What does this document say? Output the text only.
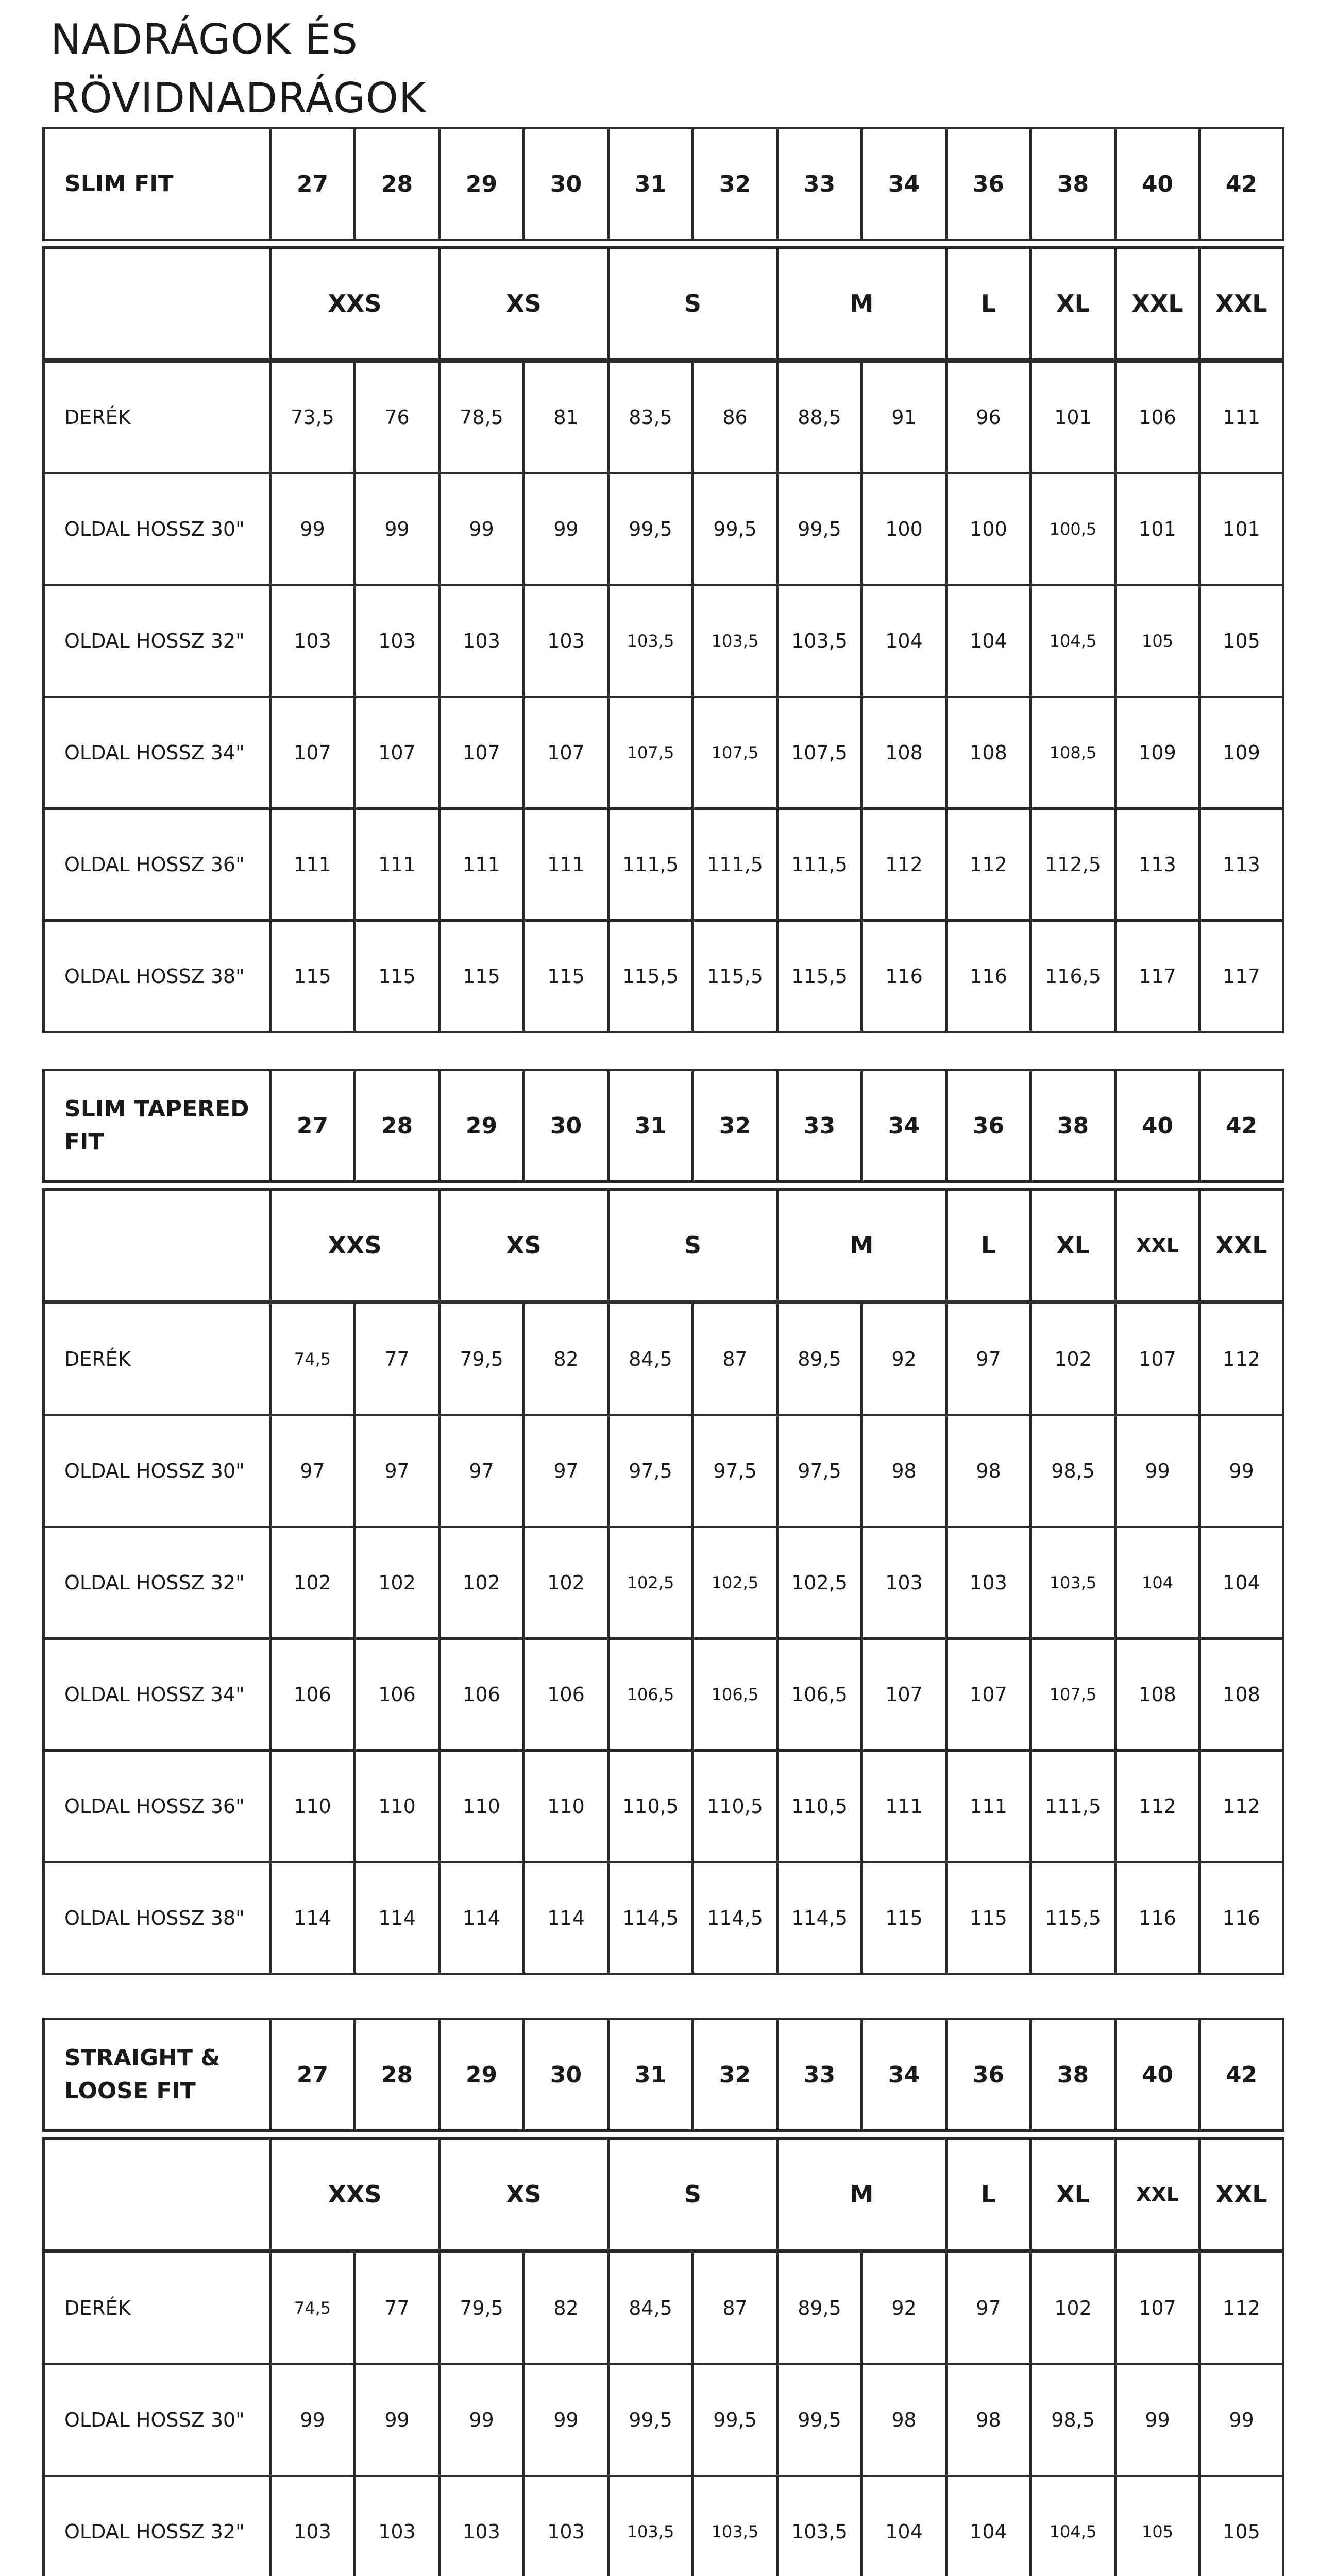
NADRÁGOK ÉS
RÖVIDNADRÁGOK
SLIM FIT	27	28	29	30	31	32	33	34	36	38	40	42

	XXS		XS		S		M		L	XL	XXL	XXL
DERÉK	73,5	76	78,5	81	83,5	86	88,5	91	96	101	106	111
OLDAL HOSSZ 30"	99	99	99	99	99,5	99,5	99,5	100	100	100,5	101	101
OLDAL HOSSZ 32"	103	103	103	103	103,5	103,5	103,5	104	104	104,5	105	105
OLDAL HOSSZ 34"	107	107	107	107	107,5	107,5	107,5	108	108	108,5	109	109
OLDAL HOSSZ 36"	111	111	111	111	111,5	111,5	111,5	112	112	112,5	113	113
OLDAL HOSSZ 38"	115	115	115	115	115,5	115,5	115,5	116	116	116,5	117	117
SLIM TAPERED FIT	27	28	29	30	31	32	33	34	36	38	40	42

	XXS		XS		S		M		L	XL	XXL	XXL
DERÉK	74,5	77	79,5	82	84,5	87	89,5	92	97	102	107	112
OLDAL HOSSZ 30"	97	97	97	97	97,5	97,5	97,5	98	98	98,5	99	99
OLDAL HOSSZ 32"	102	102	102	102	102,5	102,5	102,5	103	103	103,5	104	104
OLDAL HOSSZ 34"	106	106	106	106	106,5	106,5	106,5	107	107	107,5	108	108
OLDAL HOSSZ 36"	110	110	110	110	110,5	110,5	110,5	111	111	111,5	112	112
OLDAL HOSSZ 38"	114	114	114	114	114,5	114,5	114,5	115	115	115,5	116	116
STRAIGHT & LOOSE FIT	27	28	29	30	31	32	33	34	36	38	40	42

	XXS		XS		S		M		L	XL	XXL	XXL
DERÉK	74,5	77	79,5	82	84,5	87	89,5	92	97	102	107	112
OLDAL HOSSZ 30"	99	99	99	99	99,5	99,5	99,5	98	98	98,5	99	99
OLDAL HOSSZ 32"	103	103	103	103	103,5	103,5	103,5	104	104	104,5	105	105
